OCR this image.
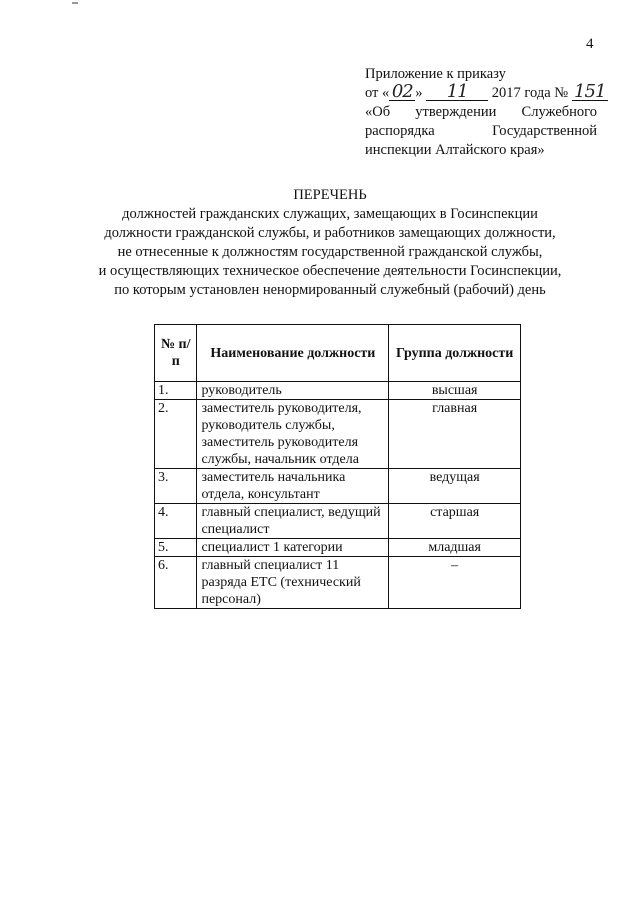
4
Приложение к приказу
от « 02 » 11 2017 года № 151
«Об утверждении Служебного
распорядка Государственной
инспекции Алтайского края»
ПЕРЕЧЕНЬ
должностей гражданских служащих, замещающих в Госинспекции
должности гражданской службы, и работников замещающих должности,
не отнесенные к должностям государственной гражданской службы,
и осуществляющих техническое обеспечение деятельности Госинспекции,
по которым установлен ненормированный служебный (рабочий) день
№ п/п	Наименование должности	Группа должности
1.	руководитель	высшая
2.	заместитель руководителя, руководитель службы, заместитель руководителя службы, начальник отдела	главная
3.	заместитель начальника отдела, консультант	ведущая
4.	главный специалист, ведущий специалист	старшая
5.	специалист 1 категории	младшая
6.	главный специалист 11 разряда ЕТС (технический персонал)	–
